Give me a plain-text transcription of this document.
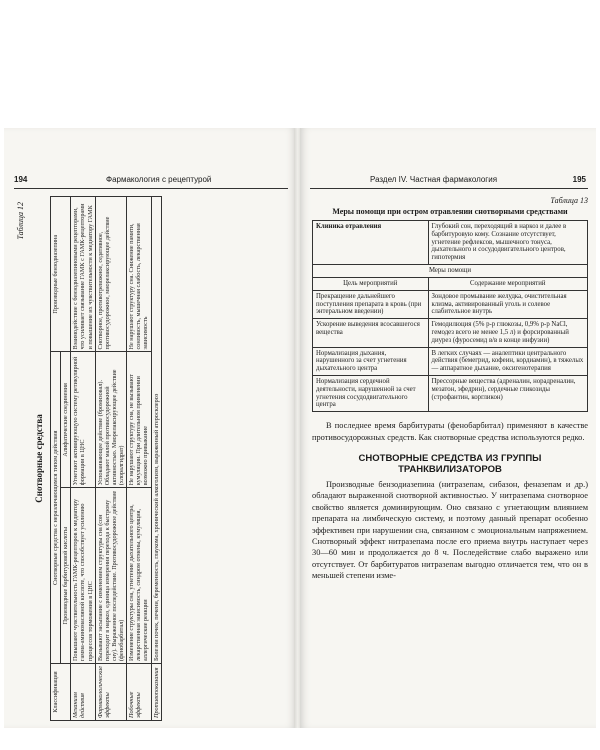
194	Фармакология с рецептурой
Таблица 12
Снотворные средства
Классификация	Снотворные средства с неразличающимся типом действия		Производные бензодиазепина
	Производные барбитуровой кислоты	Алифатические соединения	
Механизм действия	Повышают чувствительность ГАМК-рецепторов к медиатору гамма-аминомасляной кислоте, что способствует усилению процессов торможения в ЦНС	Угнетают активирующую систему ретикулярной формации в ЦНС	Взаимодействие с бензодиазепиновыми рецепторами, что усиливает связывание ГАМК с ГАМК-рецепторами и повышение их чувствительности к медиатору ГАМК
Фармакологические эффекты	Вызывают засыпание с изменением структуры сна (сон переходит в наркоз, единица измерения перехода к быстрому сну). Выраженное последействие. Противосудорожное действие (фенобарбитал)	Успокаивающее действие (бромизовал). Обладают малой противосудорожной активностью. Миорелаксирующее действие (хлоралгидрат)	Снотворное, противотревожное, седативное, противосудорожное, миорелаксирующее действие
Побочные эффекты	Изменение структуры сна, угнетение дыхательного центра, лекарственная зависимость, синдром отмены, кумуляция, аллергические реакции	Не нарушают структуру сна, не вызывают кумуляции. При длительном применении возможно привыкание	Не нарушают структуру сна. Снижение памяти, сонливость, мышечная слабость, лекарственная зависимость
Противопоказания	Болезни почек, печени, беременность, глаукома, хронический алкоголизм, выраженный атеросклероз		
Раздел IV. Частная фармакология	195
Таблица 13
Меры помощи при остром отравлении снотворными средствами
Клиника отравления	Глубокий сон, переходящий в наркоз и далее в барбитуровую кому. Сознание отсутствует, угнетение рефлексов, мышечного тонуса, дыхательного и сосудодвигательного центров, гипотермия
Меры помощи	
Цель мероприятий	Содержание мероприятий
Прекращение дальнейшего поступления препарата в кровь (при энтеральном введении)	Зондовое промывание желудка, очистительная клизма, активированный уголь и солевое слабительное внутрь
Ускорение выведения всосавшегося вещества	Гемодилюция (5% р-р глюкозы, 0,9% р-р NaCl, гемодез всего не менее 1,5 л) и форсированный диурез (фуросемид в/в в конце инфузии)
Нормализация дыхания, нарушенного за счет угнетения дыхательного центра	В легких случаях — аналептики центрального действия (бемегрид, кофеин, кордиамин), в тяжелых — аппаратное дыхание, оксигенотерапия
Нормализация сердечной деятельности, нарушенной за счет угнетения сосудодвигательного центра	Прессорные вещества (адреналин, норадреналин, мезатон, эфедрин), сердечные гликозиды (строфантин, коргликон)

В последнее время барбитураты (фенобарбитал) применяют в качестве противосудорожных средств. Как снотворные средства используются редко.

СНОТВОРНЫЕ СРЕДСТВА ИЗ ГРУППЫ ТРАНКВИЛИЗАТОРОВ

Производные бензодиазепина (нитразепам, сибазон, феназепам и др.) обладают выраженной снотворной активностью. У нитразепама снотворное свойство является доминирующим. Оно связано с угнетающим влиянием препарата на лимбическую систему, и поэтому данный препарат особенно эффективен при нарушении сна, связанном с эмоциональным напряжением. Снотворный эффект нитразепама после его приема внутрь наступает через 30—60 мин и продолжается до 8 ч. Последействие слабо выражено или отсутствует. От барбитуратов нитразепам выгодно отличается тем, что он в меньшей степени изме-
